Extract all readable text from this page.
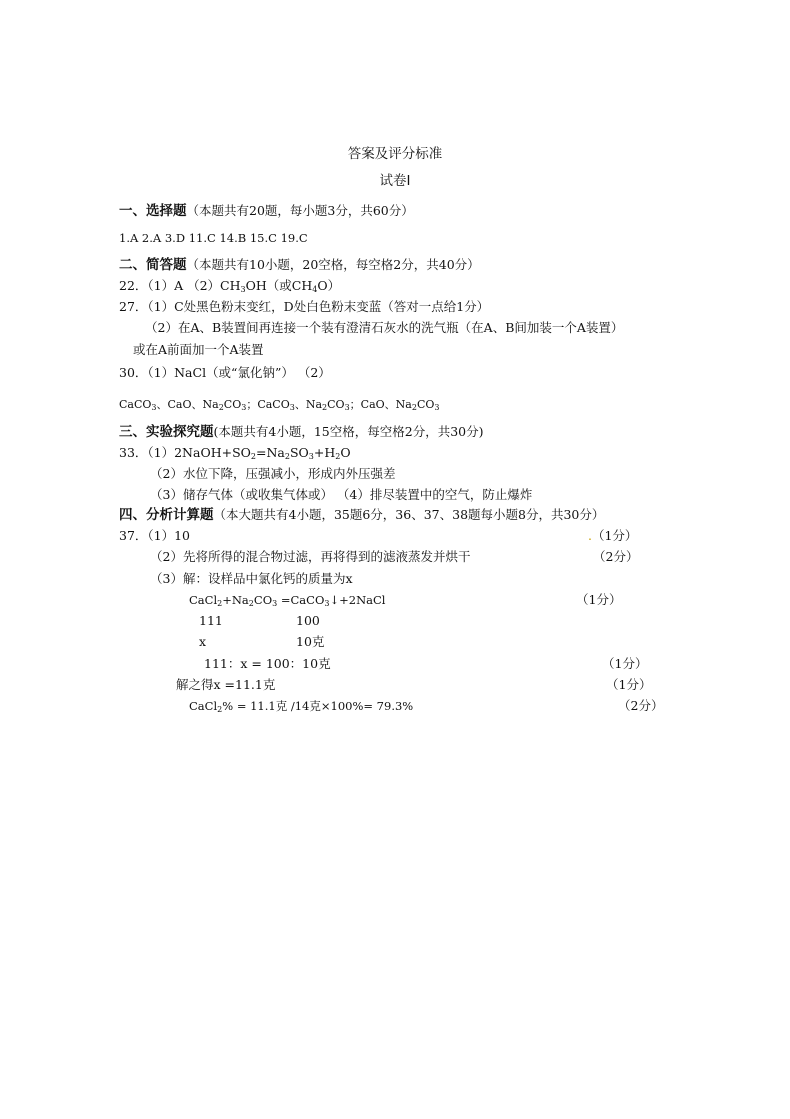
答案及评分标准
试卷Ⅰ
一、选择题（本题共有20题，每小题3分，共60分）
1.A 2.A 3.D 11.C 14.B 15.C 19.C
二、简答题（本题共有10小题，20空格，每空格2分，共40分）
22．（1）A $(2)CH_3OH$（或$CH_4O$）
27．（1）C处黑色粉末变红，D处白色粉末变蓝（答对一点给1分）
（2）在A、B装置间再连接一个装有澄清石灰水的洗气瓶（在A、B间加装一个A装置）
或在A前面加一个A装置
30．（1）NaCl（或“氯化钠”） （2）
CaCO$_3$、CaO、$Na_2CO_3$；CaCO$_3$、$Na_2CO_3$；CaO、$Na_2CO_3$
三、实验探究题(本题共有4小题，15空格，每空格2分，共30分)
33．$(1)2NaOH+SO_2=Na_2SO_3+H_2O$
（2）水位下降，压强减小，形成内外压强差
（3）储存气体（或收集气体或） （4）排尽装置中的空气，防止爆炸
四、分析计算题（本大题共有4小题，35题6分，36、37、38题每小题8分，共30分）
37．（1）10	.（1分）
（2）先将所得的混合物过滤，再将得到的滤液蒸发并烘干	（2分）
（3）解：设样品中氯化钙的质量为x
$CaCl_2+Na_2CO_3$ =CaCO$_3$↓+2NaCl	（1分）
111	100
x	10克
111：x = 100：10克	（1分）
解之得x =11.1克	（1分）
CaCl$_2$% = 11.1克 /14克×100%= 79.3%	（2分）
